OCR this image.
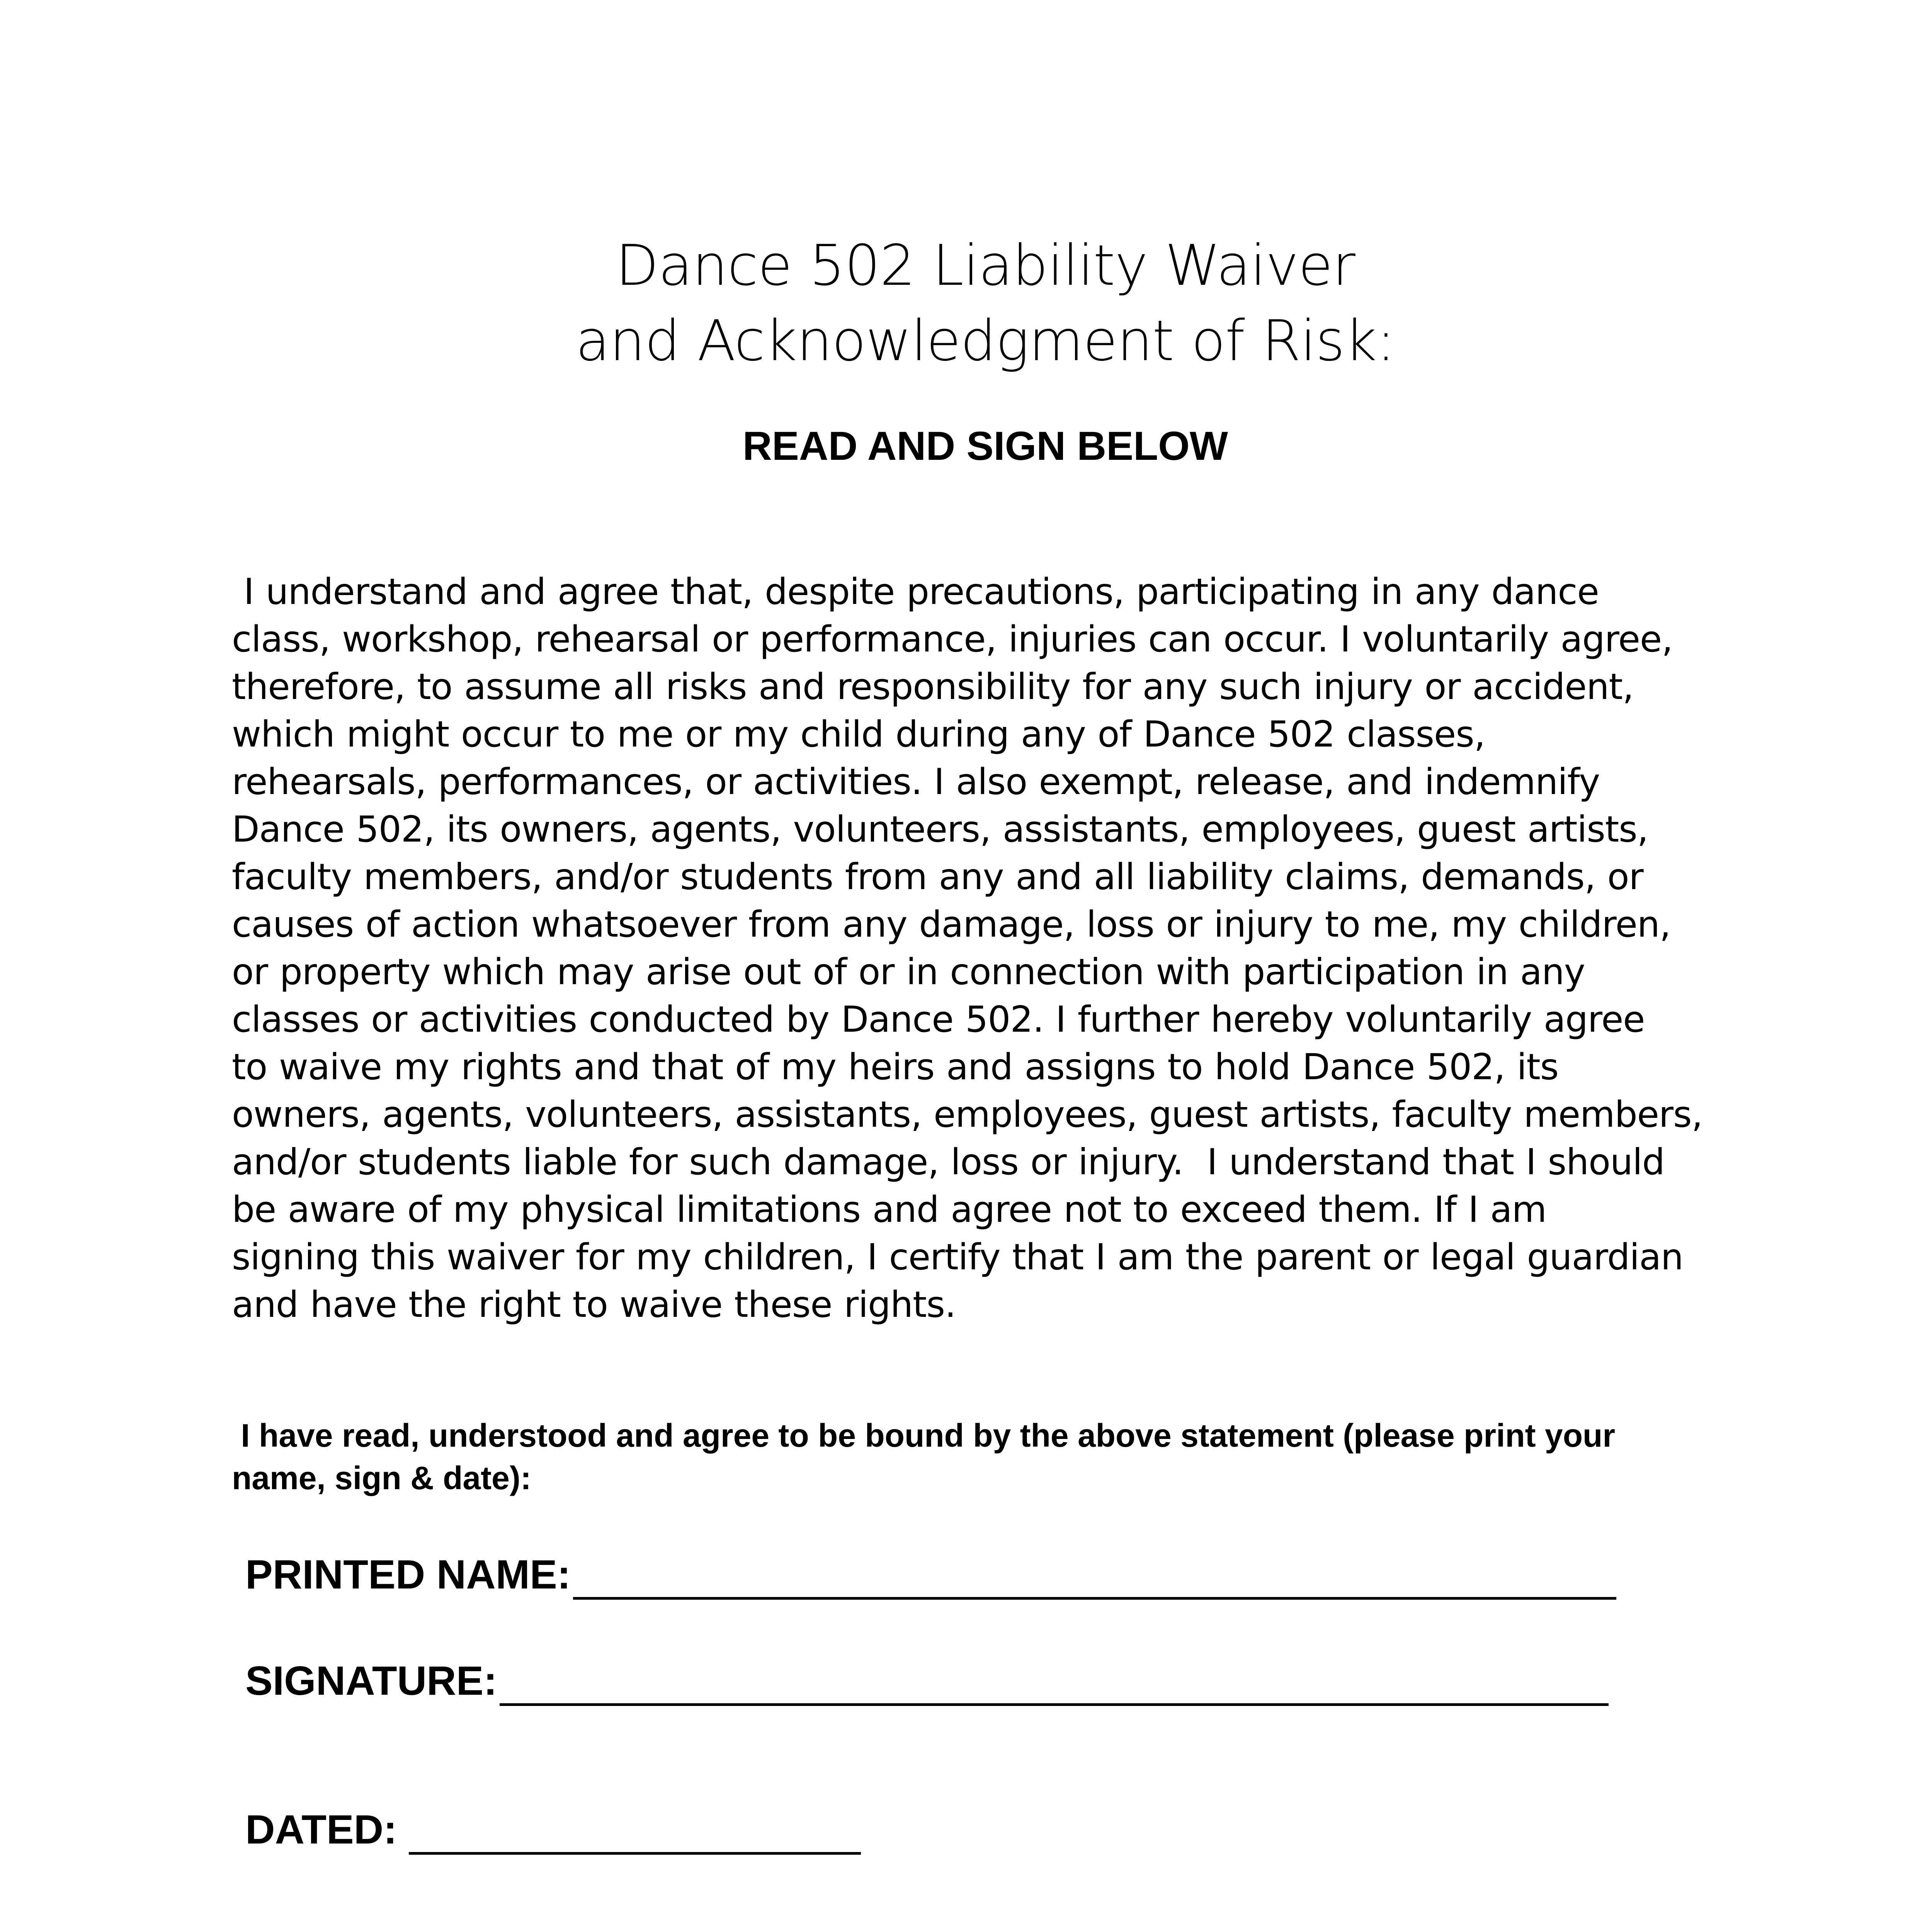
Dance 502 Liability Waiver
and Acknowledgment of Risk:
READ AND SIGN BELOW
I understand and agree that, despite precautions, participating in any dance
class, workshop, rehearsal or performance, injuries can occur. I voluntarily agree,
therefore, to assume all risks and responsibility for any such injury or accident,
which might occur to me or my child during any of Dance 502 classes,
rehearsals, performances, or activities. I also exempt, release, and indemnify
Dance 502, its owners, agents, volunteers, assistants, employees, guest artists,
faculty members, and/or students from any and all liability claims, demands, or
causes of action whatsoever from any damage, loss or injury to me, my children,
or property which may arise out of or in connection with participation in any
classes or activities conducted by Dance 502. I further hereby voluntarily agree
to waive my rights and that of my heirs and assigns to hold Dance 502, its
owners, agents, volunteers, assistants, employees, guest artists, faculty members,
and/or students liable for such damage, loss or injury.  I understand that I should
be aware of my physical limitations and agree not to exceed them. If I am
signing this waiver for my children, I certify that I am the parent or legal guardian
and have the right to waive these rights.
I have read, understood and agree to be bound by the above statement (please print your
name, sign & date):
PRINTED NAME:
SIGNATURE:
DATED:
